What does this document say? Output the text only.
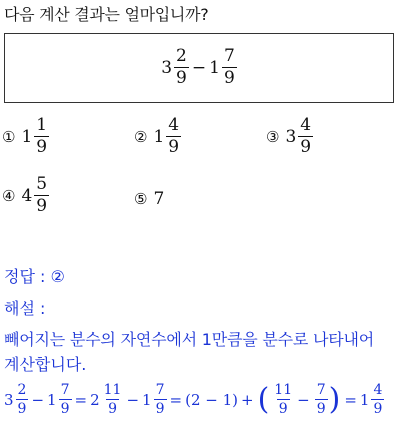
다음 계산 결과는 얼마입니까?
$3 \frac{2}{9} - 1 \frac{7}{9}$
① $1 \frac{1}{9}$	② $1 \frac{4}{9}$	③ $3 \frac{4}{9}$
④ $4 \frac{5}{9}$	⑤ 7
정답 : ②
해설 :
빼어지는 분수의 자연수에서 1만큼을 분수로 나타내어
계산합니다.
$3 \frac{2}{9} - 1 \frac{7}{9} = 2 \frac{11}{9} - 1 \frac{7}{9} = (2 - 1)$ + ( $\frac{11}{9} - \frac{7}{9}$ ) = $1 \frac{4}{9}$
